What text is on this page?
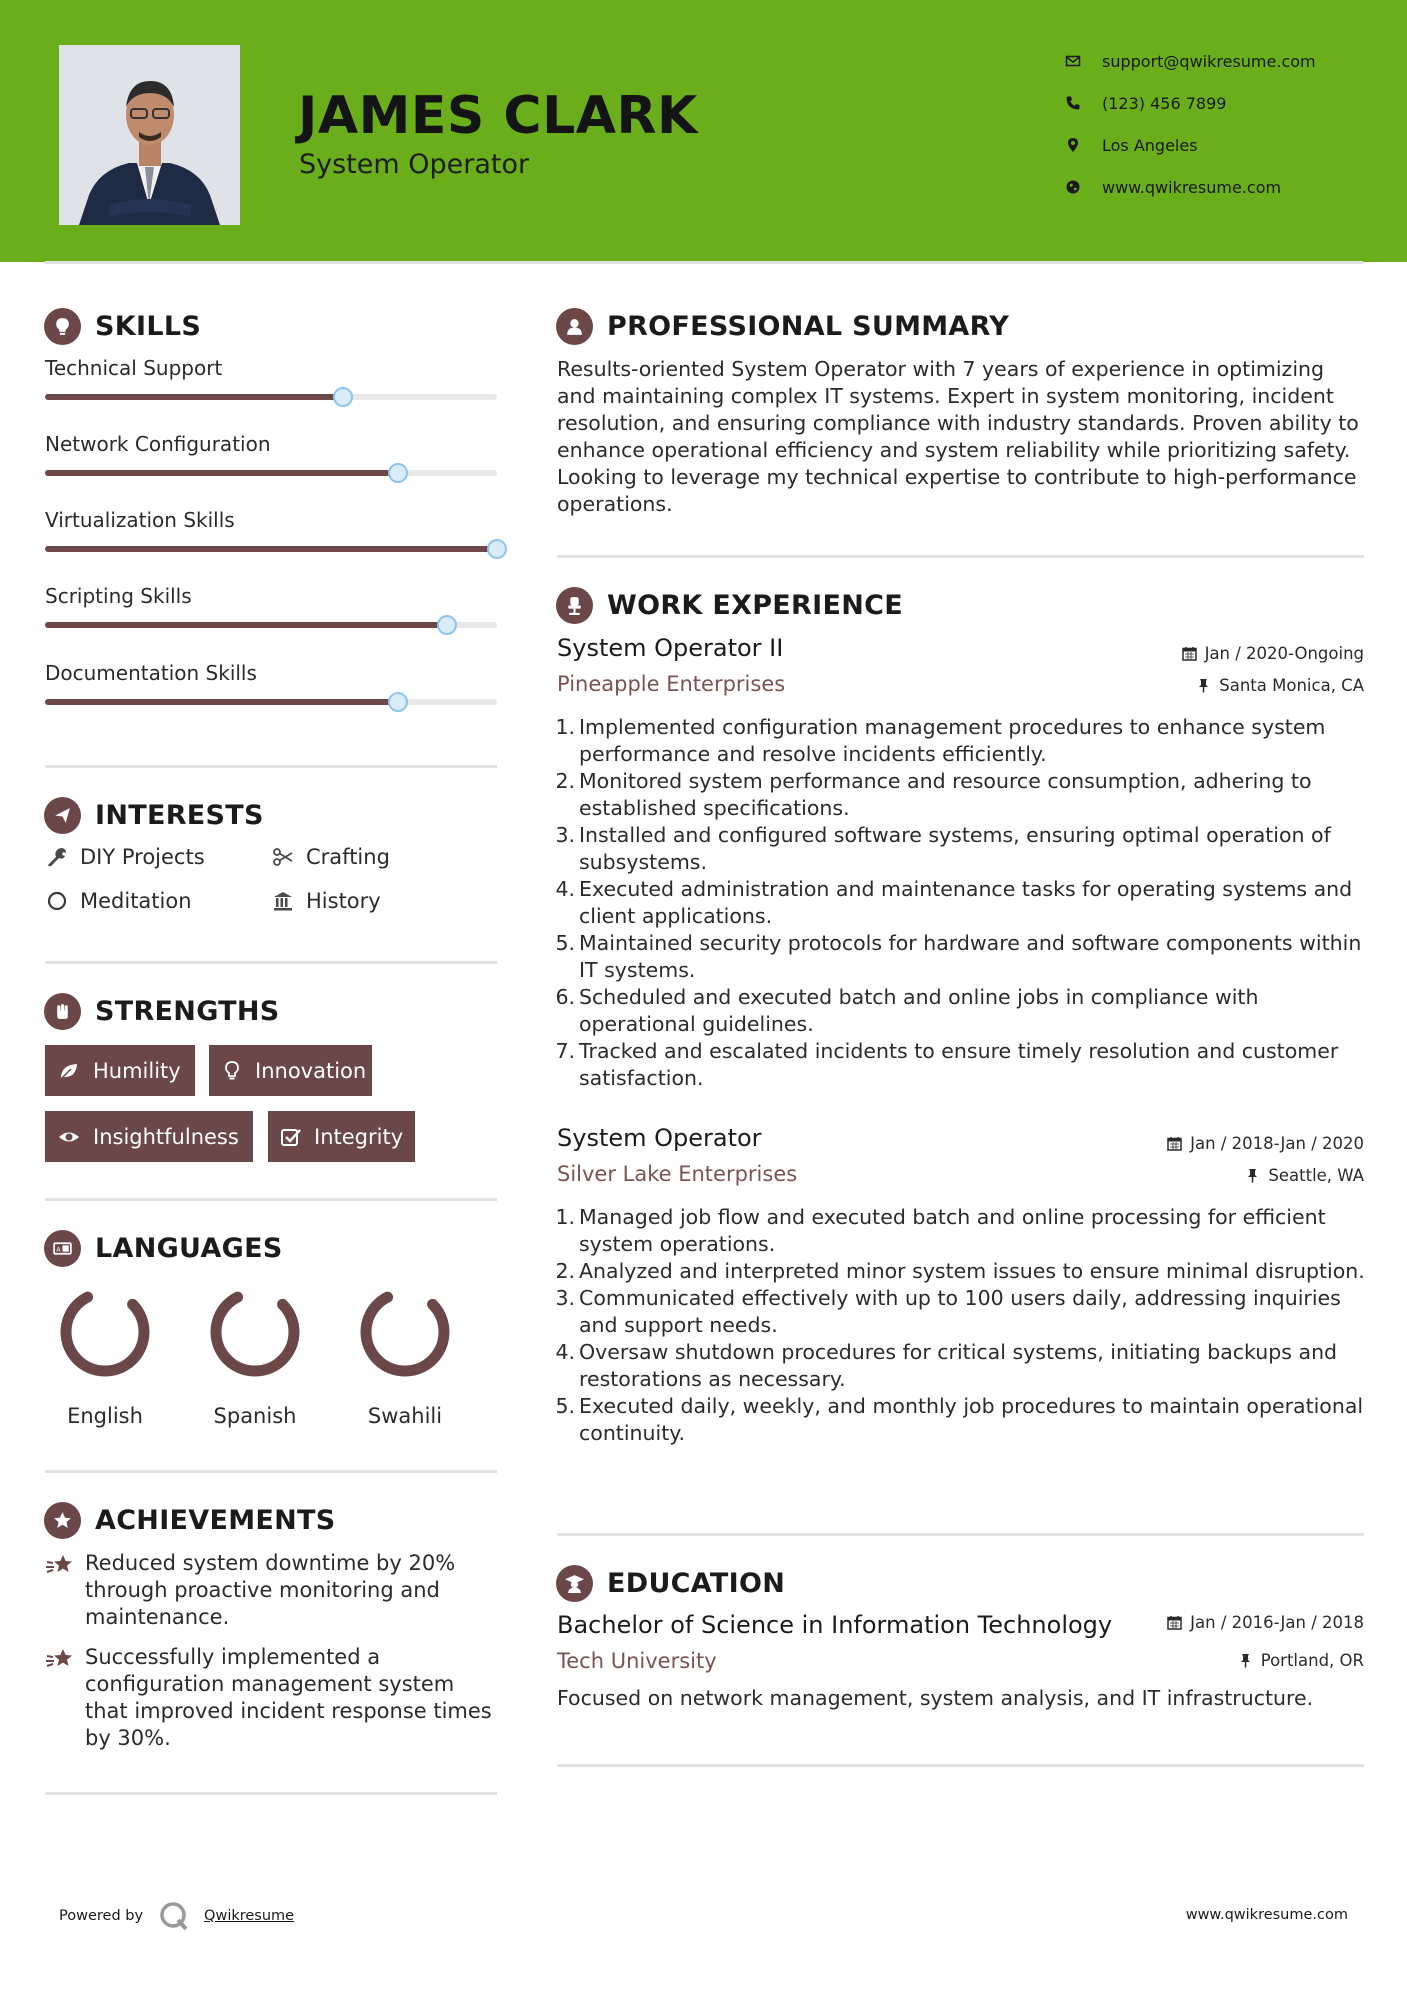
JAMES CLARK
System Operator
support@qwikresume.com
(123) 456 7899
Los Angeles
www.qwikresume.com
SKILLS
Technical Support
Network Configuration
Virtualization Skills
Scripting Skills
Documentation Skills
INTERESTS
DIY Projects	Crafting
Meditation	History
STRENGTHS
Humility	Innovation
Insightfulness	Integrity
A LANGUAGES
English	Spanish	Swahili
ACHIEVEMENTS
Reduced system downtime by 20% through proactive monitoring and maintenance.
Successfully implemented a configuration management system that improved incident response times by 30%.
PROFESSIONAL SUMMARY
Results-oriented System Operator with 7 years of experience in optimizing and maintaining complex IT systems. Expert in system monitoring, incident resolution, and ensuring compliance with industry standards. Proven ability to enhance operational efficiency and system reliability while prioritizing safety. Looking to leverage my technical expertise to contribute to high-performance operations.
WORK EXPERIENCE
System Operator II
Pineapple Enterprises
Jan / 2020-Ongoing
Santa Monica, CA
1. Implemented configuration management procedures to enhance system performance and resolve incidents efficiently.
2. Monitored system performance and resource consumption, adhering to established specifications.
3. Installed and configured software systems, ensuring optimal operation of subsystems.
4. Executed administration and maintenance tasks for operating systems and client applications.
5. Maintained security protocols for hardware and software components within IT systems.
6. Scheduled and executed batch and online jobs in compliance with operational guidelines.
7. Tracked and escalated incidents to ensure timely resolution and customer satisfaction.
System Operator
Silver Lake Enterprises
Jan / 2018-Jan / 2020
Seattle, WA
1. Managed job flow and executed batch and online processing for efficient system operations.
2. Analyzed and interpreted minor system issues to ensure minimal disruption.
3. Communicated effectively with up to 100 users daily, addressing inquiries and support needs.
4. Oversaw shutdown procedures for critical systems, initiating backups and restorations as necessary.
5. Executed daily, weekly, and monthly job procedures to maintain operational continuity.
EDUCATION
Bachelor of Science in Information Technology
Tech University
Jan / 2016-Jan / 2018
Portland, OR
Focused on network management, system analysis, and IT infrastructure.
Powered by	Qwikresume	www.qwikresume.com
